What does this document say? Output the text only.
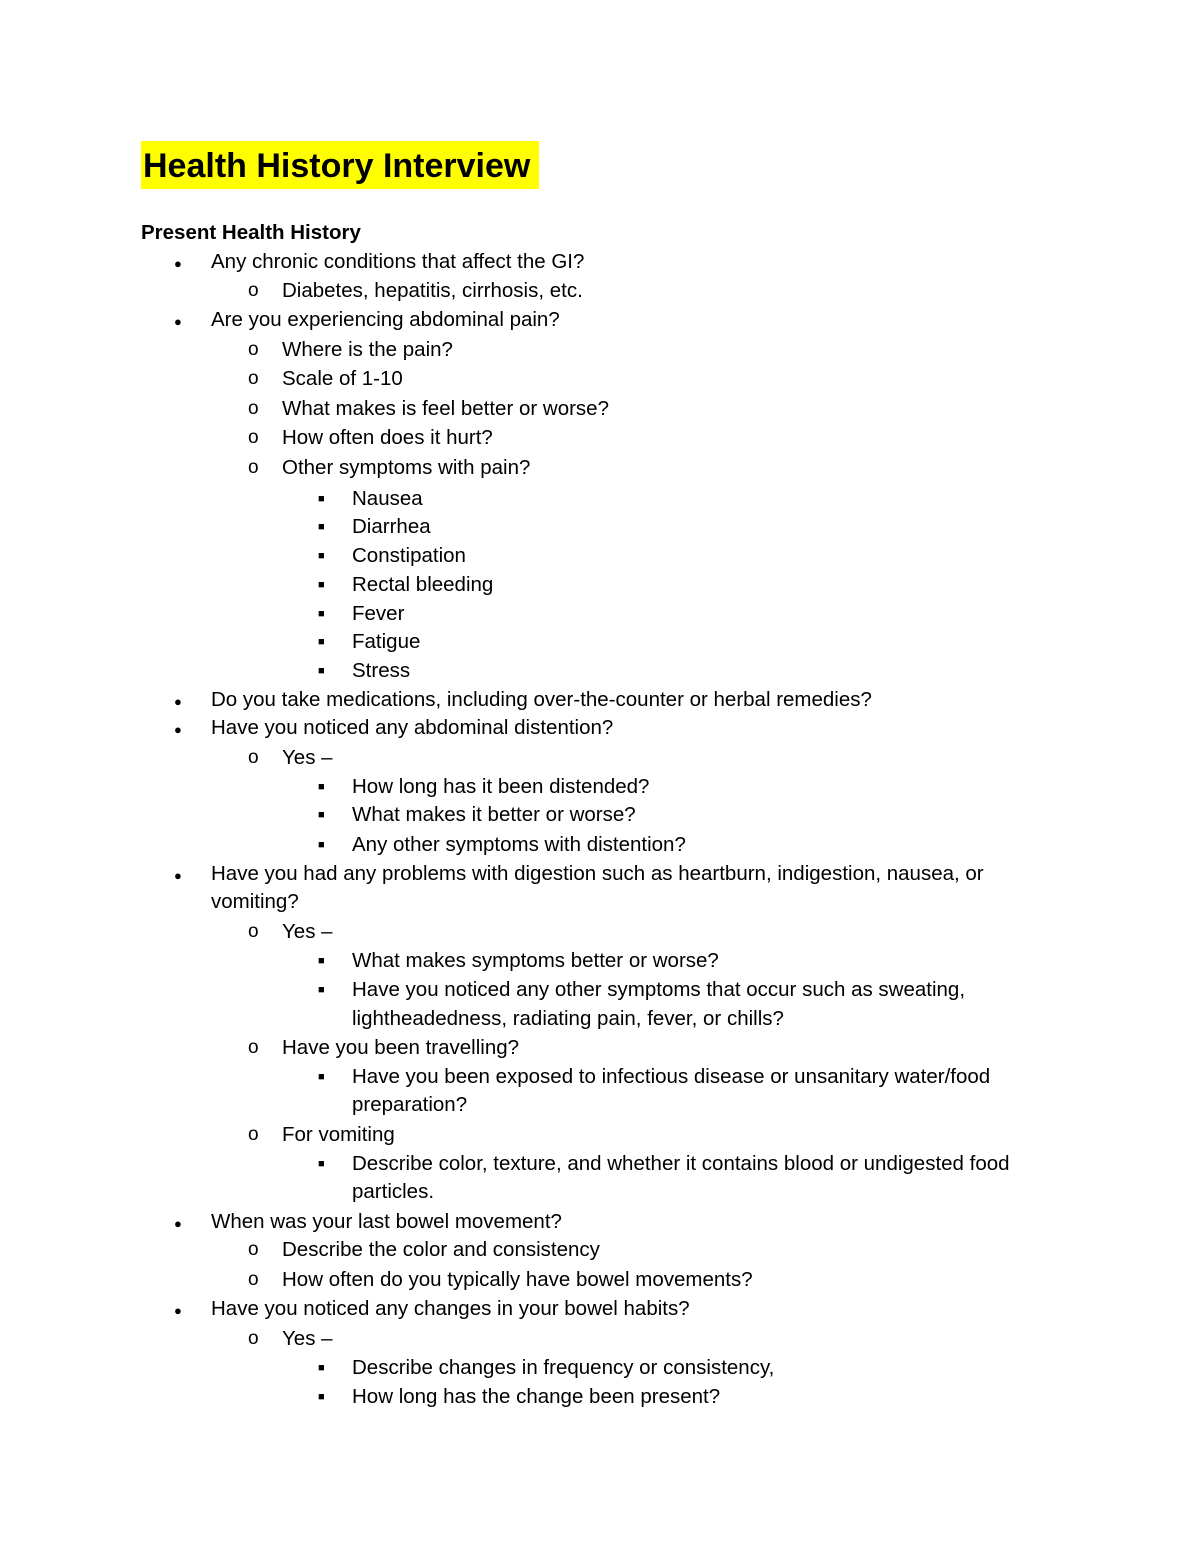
Health History Interview
Present Health History
● Any chronic conditions that affect the GI?
o Diabetes, hepatitis, cirrhosis, etc.
● Are you experiencing abdominal pain?
o Where is the pain?
o Scale of 1-10
o What makes is feel better or worse?
o How often does it hurt?
o Other symptoms with pain?
■ Nausea
■ Diarrhea
■ Constipation
■ Rectal bleeding
■ Fever
■ Fatigue
■ Stress
● Do you take medications, including over-the-counter or herbal remedies?
● Have you noticed any abdominal distention?
o Yes –
■ How long has it been distended?
■ What makes it better or worse?
■ Any other symptoms with distention?
● Have you had any problems with digestion such as heartburn, indigestion, nausea, or
vomiting?
o Yes –
■ What makes symptoms better or worse?
■ Have you noticed any other symptoms that occur such as sweating,
lightheadedness, radiating pain, fever, or chills?
o Have you been travelling?
■ Have you been exposed to infectious disease or unsanitary water/food
preparation?
o For vomiting
■ Describe color, texture, and whether it contains blood or undigested food
particles.
● When was your last bowel movement?
o Describe the color and consistency
o How often do you typically have bowel movements?
● Have you noticed any changes in your bowel habits?
o Yes –
■ Describe changes in frequency or consistency,
■ How long has the change been present?
